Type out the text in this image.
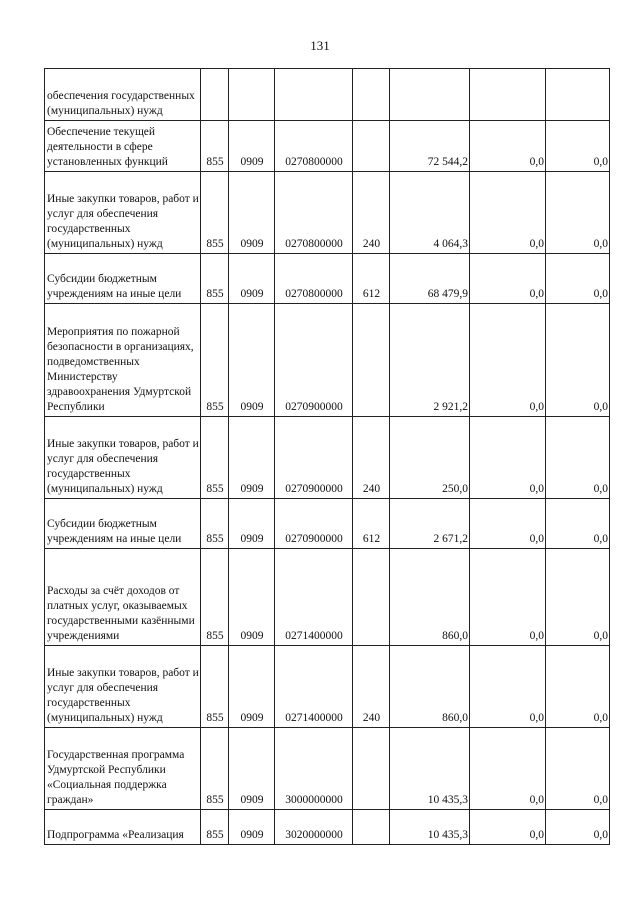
131
обеспечения государственных (муниципальных) нужд							
Обеспечение текущей деятельности в сфере установленных функций	855	0909	0270800000		72 544,2	0,0	0,0
Иные закупки товаров, работ и услуг для обеспечения государственных (муниципальных) нужд	855	0909	0270800000	240	4 064,3	0,0	0,0
Субсидии бюджетным учреждениям на иные цели	855	0909	0270800000	612	68 479,9	0,0	0,0
Мероприятия по пожарной безопасности в организациях, подведомственных Министерству здравоохранения Удмуртской Республики	855	0909	0270900000		2 921,2	0,0	0,0
Иные закупки товаров, работ и услуг для обеспечения государственных (муниципальных) нужд	855	0909	0270900000	240	250,0	0,0	0,0
Субсидии бюджетным учреждениям на иные цели	855	0909	0270900000	612	2 671,2	0,0	0,0
Расходы за счёт доходов от платных услуг, оказываемых государственными казёнными учреждениями	855	0909	0271400000		860,0	0,0	0,0
Иные закупки товаров, работ и услуг для обеспечения государственных (муниципальных) нужд	855	0909	0271400000	240	860,0	0,0	0,0
Государственная программа Удмуртской Республики «Социальная поддержка граждан»	855	0909	3000000000		10 435,3	0,0	0,0
Подпрограмма «Реализация	855	0909	3020000000		10 435,3	0,0	0,0
